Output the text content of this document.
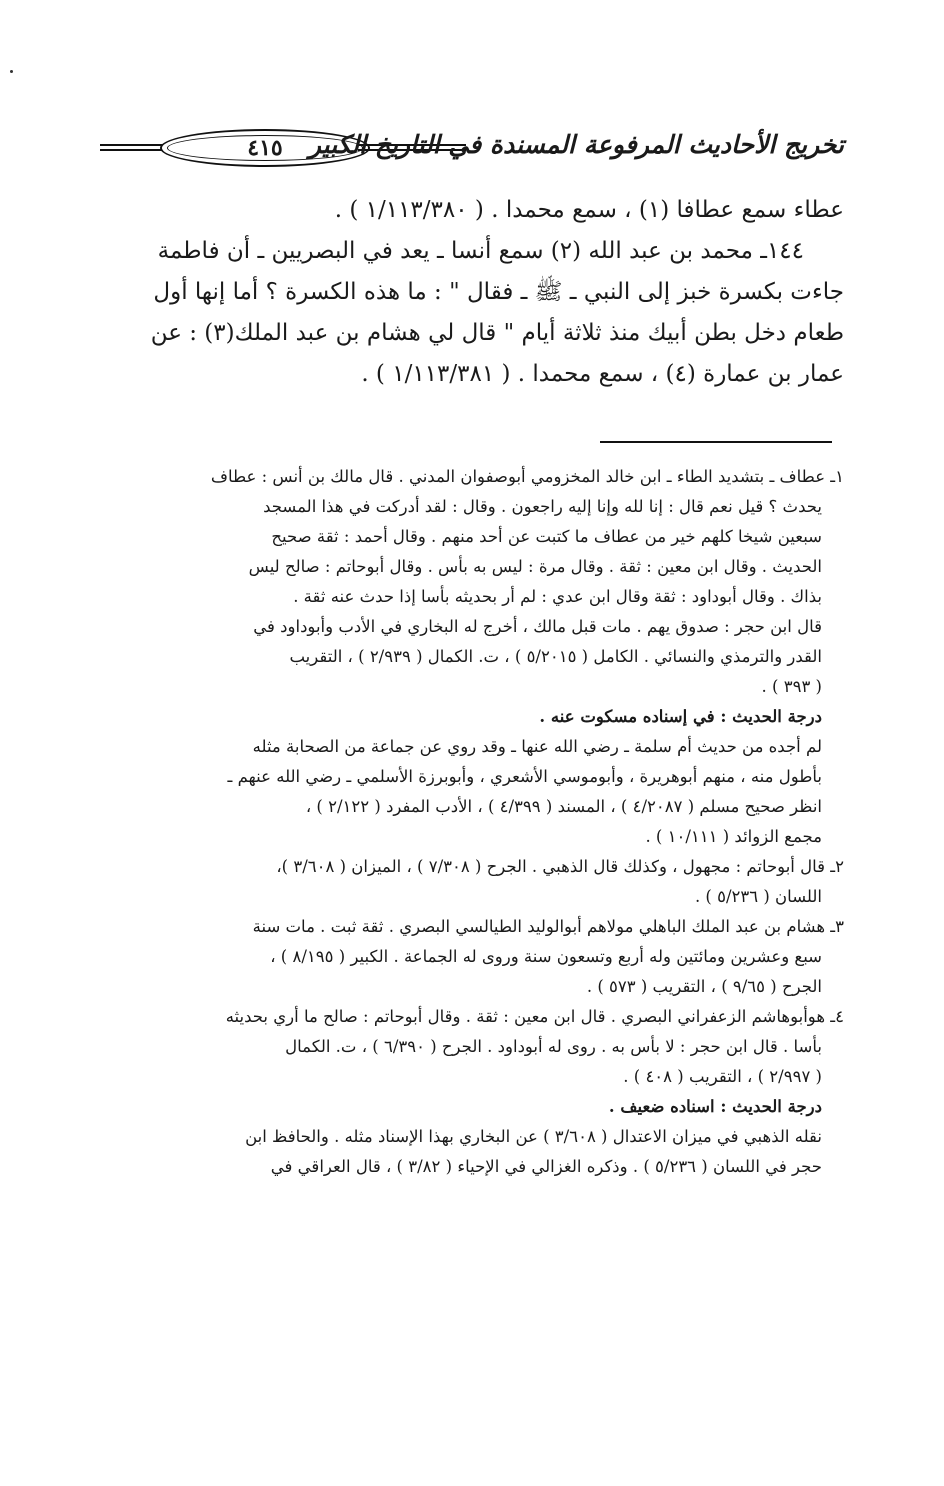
٤١٥ تخريج الأحاديث المرفوعة المسندة في التاريخ الكبير

عطاء سمع عطافا (١) ، سمع محمدا . ( ١/١١٣/٣٨٠ ) .

١٤٤ـ محمد بن عبد الله (٢) سمع أنسا ـ يعد في البصريين ـ أن فاطمة

جاءت بكسرة خبز إلى النبي ـ ﷺ ـ فقال " : ما هذه الكسرة ؟ أما إنها أول

طعام دخل بطن أبيك منذ ثلاثة أيام " قال لي هشام بن عبد الملك(٣) : عن

عمار بن عمارة (٤) ، سمع محمدا . ( ١/١١٣/٣٨١ ) .

١ـ عطاف ـ بتشديد الطاء ـ ابن خالد المخزومي أبوصفوان المدني . قال مالك بن أنس : عطاف

يحدث ؟ قيل نعم قال : إنا لله وإنا إليه راجعون . وقال : لقد أدركت في هذا المسجد

سبعين شيخا كلهم خير من عطاف ما كتبت عن أحد منهم . وقال أحمد : ثقة صحيح

الحديث . وقال ابن معين : ثقة . وقال مرة : ليس به بأس . وقال أبوحاتم : صالح ليس

بذاك . وقال أبوداود : ثقة وقال ابن عدي : لم أر بحديثه بأسا إذا حدث عنه ثقة .

قال ابن حجر : صدوق يهم . مات قبل مالك ، أخرج له البخاري في الأدب وأبوداود في

القدر والترمذي والنسائي . الكامل ( ٥/٢٠١٥ ) ، ت. الكمال ( ٢/٩٣٩ ) ، التقريب

( ٣٩٣ ) .

درجة الحديث : في إسناده مسكوت عنه .

لم أجده من حديث أم سلمة ـ رضي الله عنها ـ وقد روي عن جماعة من الصحابة مثله

بأطول منه ، منهم أبوهريرة ، وأبوموسي الأشعري ، وأبوبرزة الأسلمي ـ رضي الله عنهم ـ

انظر صحيح مسلم ( ٤/٢٠٨٧ ) ، المسند ( ٤/٣٩٩ ) ، الأدب المفرد ( ٢/١٢٢ ) ،

مجمع الزوائد ( ١٠/١١١ ) .

٢ـ قال أبوحاتم : مجهول ، وكذلك قال الذهبي . الجرح ( ٧/٣٠٨ ) ، الميزان ( ٣/٦٠٨ )،

اللسان ( ٥/٢٣٦ ) .

٣ـ هشام بن عبد الملك الباهلي مولاهم أبوالوليد الطيالسي البصري . ثقة ثبت . مات سنة

سبع وعشرين ومائتين وله أربع وتسعون سنة وروى له الجماعة . الكبير ( ٨/١٩٥ ) ،

الجرح ( ٩/٦٥ ) ، التقريب ( ٥٧٣ ) .

٤ـ هوأبوهاشم الزعفراني البصري . قال ابن معين : ثقة . وقال أبوحاتم : صالح ما أري بحديثه

بأسا . قال ابن حجر : لا بأس به . روى له أبوداود . الجرح ( ٦/٣٩٠ ) ، ت. الكمال

( ٢/٩٩٧ ) ، التقريب ( ٤٠٨ ) .

درجة الحديث : اسناده ضعيف .

نقله الذهبي في ميزان الاعتدال ( ٣/٦٠٨ ) عن البخاري بهذا الإسناد مثله . والحافظ ابن

حجر في اللسان ( ٥/٢٣٦ ) . وذكره الغزالي في الإحياء ( ٣/٨٢ ) ، قال العراقي في
